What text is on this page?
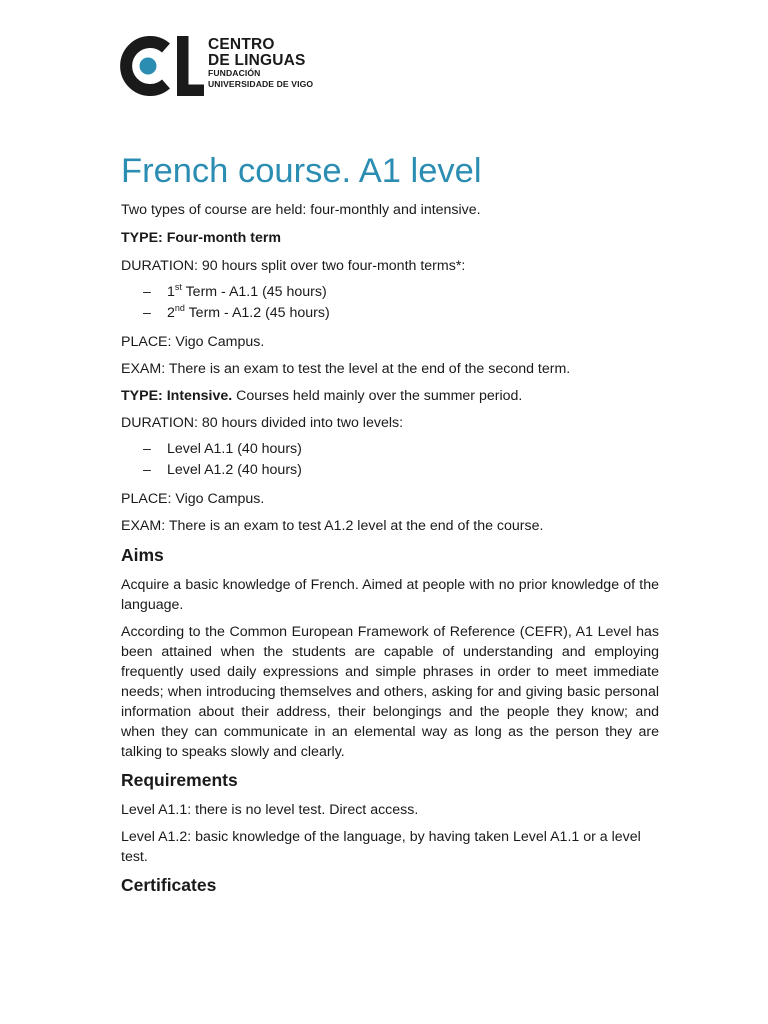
CENTRO
DE LINGUAS
FUNDACIÓN
UNIVERSIDADE DE VIGO
French course. A1 level

Two types of course are held: four-monthly and intensive.

TYPE: Four-month term

DURATION: 90 hours split over two four-month terms*:

– 1st Term - A1.1 (45 hours)
– 2nd Term - A1.2 (45 hours)

PLACE: Vigo Campus.

EXAM: There is an exam to test the level at the end of the second term.

TYPE: Intensive. Courses held mainly over the summer period.

DURATION: 80 hours divided into two levels:

– Level A1.1 (40 hours)
– Level A1.2 (40 hours)

PLACE: Vigo Campus.

EXAM: There is an exam to test A1.2 level at the end of the course.

Aims

Acquire a basic knowledge of French. Aimed at people with no prior knowledge of the language.

According to the Common European Framework of Reference (CEFR), A1 Level has been attained when the students are capable of understanding and employing frequently used daily expressions and simple phrases in order to meet immediate needs; when introducing themselves and others, asking for and giving basic personal information about their address, their belongings and the people they know; and when they can communicate in an elemental way as long as the person they are talking to speaks slowly and clearly.

Requirements

Level A1.1: there is no level test. Direct access.

Level A1.2: basic knowledge of the language, by having taken Level A1.1 or a level test.

Certificates
